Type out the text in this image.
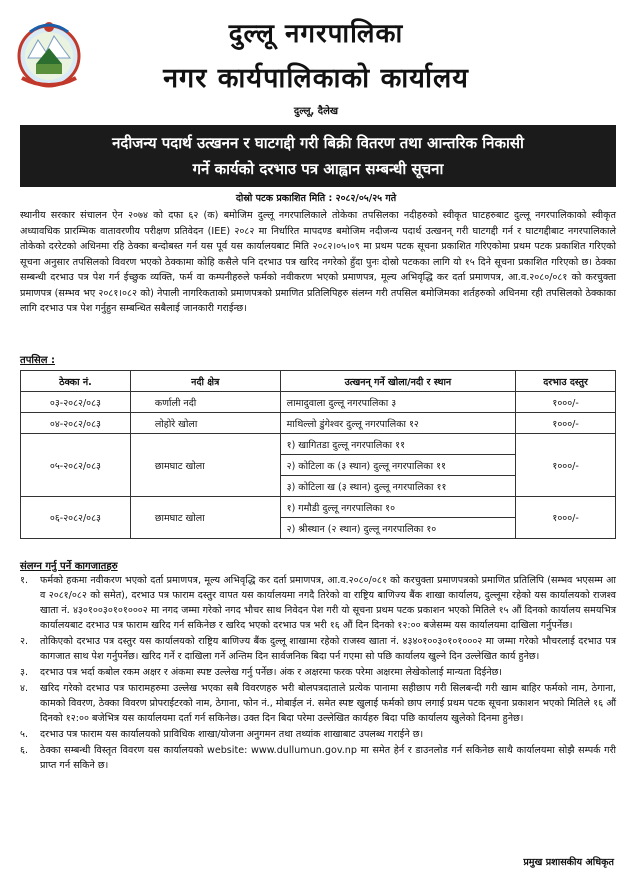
दुल्लू नगरपालिका
नगर कार्यपालिकाको कार्यालय
दुल्लू, दैलेख
नदीजन्य पदार्थ उत्खनन र घाटगद्दी गरी बिक्री वितरण तथा आन्तरिक निकासी
गर्ने कार्यको दरभाउ पत्र आह्वान सम्बन्धी सूचना
दोस्रो पटक प्रकाशित मिति : २०८२/०५/२५ गते
स्थानीय सरकार संचालन ऐन २०७४ को दफा ६२ (क) बमोजिम दुल्लू नगरपालिकाले तोकेका तपसिलका नदीहरुको स्वीकृत घाटहरुबाट दुल्लू नगरपालिकाको स्वीकृत अध्यावधिक प्रारम्भिक वातावरणीय परीक्षण प्रतिवेदन (IEE) २०८२ मा निर्धारित मापदण्ड बमोजिम नदीजन्य पदार्थ उत्खनन् गरी घाटगद्दी गर्न र घाटगद्दीबाट नगरपालिकाले तोकेको दररेटको अधिनमा रहि ठेक्का बन्दोबस्त गर्न यस पूर्व यस कार्यालयबाट मिति २०८२।०५।०९ मा प्रथम पटक सूचना प्रकाशित गरिएकोमा प्रथम पटक प्रकाशित गरिएको सूचना अनुसार तपसिलको विवरण भएको ठेक्कामा कोहि कसैले पनि दरभाउ पत्र खरिद नगरेको हुँदा पुनः दोस्रो पटकका लागि यो १५ दिने सूचना प्रकाशित गरिएको छ। ठेक्का सम्बन्धी दरभाउ पत्र पेश गर्न ईच्छुक व्यक्ति, फर्म वा कम्पनीहरुले फर्मको नवीकरण भएको प्रमाणपत्र, मूल्य अभिवृद्धि कर दर्ता प्रमाणपत्र, आ.व.२०८०/०८१ को करचुक्ता प्रमाणपत्र (सम्भव भए २०८१।०८२ को) नेपाली नागरिकताको प्रमाणपत्रको प्रमाणित प्रतिलिपिहरु संलग्न गरी तपसिल बमोजिमका शर्तहरुको अधिनमा रही तपसिलको ठेक्काका लागि दरभाउ पत्र पेश गर्नुहुन सम्बन्धित सबैलाई जानकारी गराईन्छ।
तपसिल :
ठेक्का नं.	नदी क्षेत्र	उत्खनन् गर्ने खोला/नदी र स्थान	दरभाउ दस्तुर
०३-२०८२/०८३	कर्णाली नदी	लामादुवाला दुल्लू नगरपालिका ३	१०००/-
०४-२०८२/०८३	लोहोरे खोला	माथिल्लो डुंगेश्वर दुल्लू नगरपालिका १२	१०००/-
०५-२०८२/०८३	छामघाट खोला	१) खागितडा दुल्लू नगरपालिका ११	१०००/-
		२) कोटिला क (३ स्थान) दुल्लू नगरपालिका ११	
		३) कोटिला ख (३ स्थान) दुल्लू नगरपालिका ११	
०६-२०८२/०८३	छामघाट खोला	१) गमौडी दुल्लू नगरपालिका १०	१०००/-
		२) श्रीस्थान (२ स्थान) दुल्लू नगरपालिका १०	
संलग्न गर्नु पर्ने कागजातहरु
१.	फर्मको हकमा नवीकरण भएको दर्ता प्रमाणपत्र, मूल्य अभिवृद्धि कर दर्ता प्रमाणपत्र, आ.व.२०८०/०८१ को करचुक्ता प्रमाणपत्रको प्रमाणित प्रतिलिपि (सम्भव भएसम्म आ व २०८१/०८२ को समेत), दरभाउ पत्र फाराम दस्तुर वापत यस कार्यालयमा नगदै तिरेको वा राष्ट्रिय बाणिज्य बैंक शाखा कार्यालय, दुल्लूमा रहेको यस कार्यालयको राजश्व खाता नं. ४३०१००३०१०१०००२ मा नगद जम्मा गरेको नगद भौचर साथ निवेदन पेश गरी यो सूचना प्रथम पटक प्रकाशन भएको मितिले १५ औं दिनको कार्यालय समयभित्र कार्यालयबाट दरभाउ पत्र फाराम खरिद गर्न सकिनेछ र खरिद भएको दरभाउ पत्र भरी १६ औं दिन दिनको १२:०० बजेसम्म यस कार्यालयमा दाखिला गर्नुपर्नेछ।
२.	तोकिएको दरभाउ पत्र दस्तुर यस कार्यालयको राष्ट्रिय बाणिज्य बैंक दुल्लू शाखामा रहेको राजस्व खाता नं. ४३४०१००३०१०१०००२ मा जम्मा गरेको भौचरलाई दरभाउ पत्र कागजात साथ पेश गर्नुपर्नेछ। खरिद गर्ने र दाखिला गर्ने अन्तिम दिन सार्वजनिक बिदा पर्न गएमा सो पछि कार्यालय खुल्ने दिन उल्लेखित कार्य हुनेछ।
३.	दरभाउ पत्र भर्दा कबोल रकम अक्षर र अंकमा स्पष्ट उल्लेख गर्नु पर्नेछ। अंक र अक्षरमा फरक परेमा अक्षरमा लेखेकोलाई मान्यता दिईनेछ।
४.	खरिद गरेको दरभाउ पत्र फारामहरुमा उल्लेख भएका सबै विवरणहरु भरी बोलपत्रदाताले प्रत्येक पानामा सहीछाप गरी सिलबन्दी गरी खाम बाहिर फर्मको नाम, ठेगाना, कामको विवरण, ठेक्का विवरण प्रोपराईटरको नाम, ठेगाना, फोन नं., मोबाईल नं. समेत स्पष्ट खुलाई फर्मको छाप लगाई प्रथम पटक सूचना प्रकाशन भएको मितिले १६ औं दिनको १२:०० बजेभित्र यस कार्यालयमा दर्ता गर्न सकिनेछ। उक्त दिन बिदा परेमा उल्लेखित कार्यहरु बिदा पछि कार्यालय खुलेको दिनमा हुनेछ।
५.	दरभाउ पत्र फाराम यस कार्यालयको प्राविधिक शाखा/योजना अनुगमन तथा तथ्यांक शाखाबाट उपलब्ध गराईने छ।
६.	ठेक्का सम्बन्धी विस्तृत विवरण यस कार्यालयको website: www.dullumun.gov.np मा समेत हेर्न र डाउनलोड गर्न सकिनेछ साथै कार्यालयमा सोझै सम्पर्क गरी प्राप्त गर्न सकिने छ।
प्रमुख प्रशासकीय अधिकृत
